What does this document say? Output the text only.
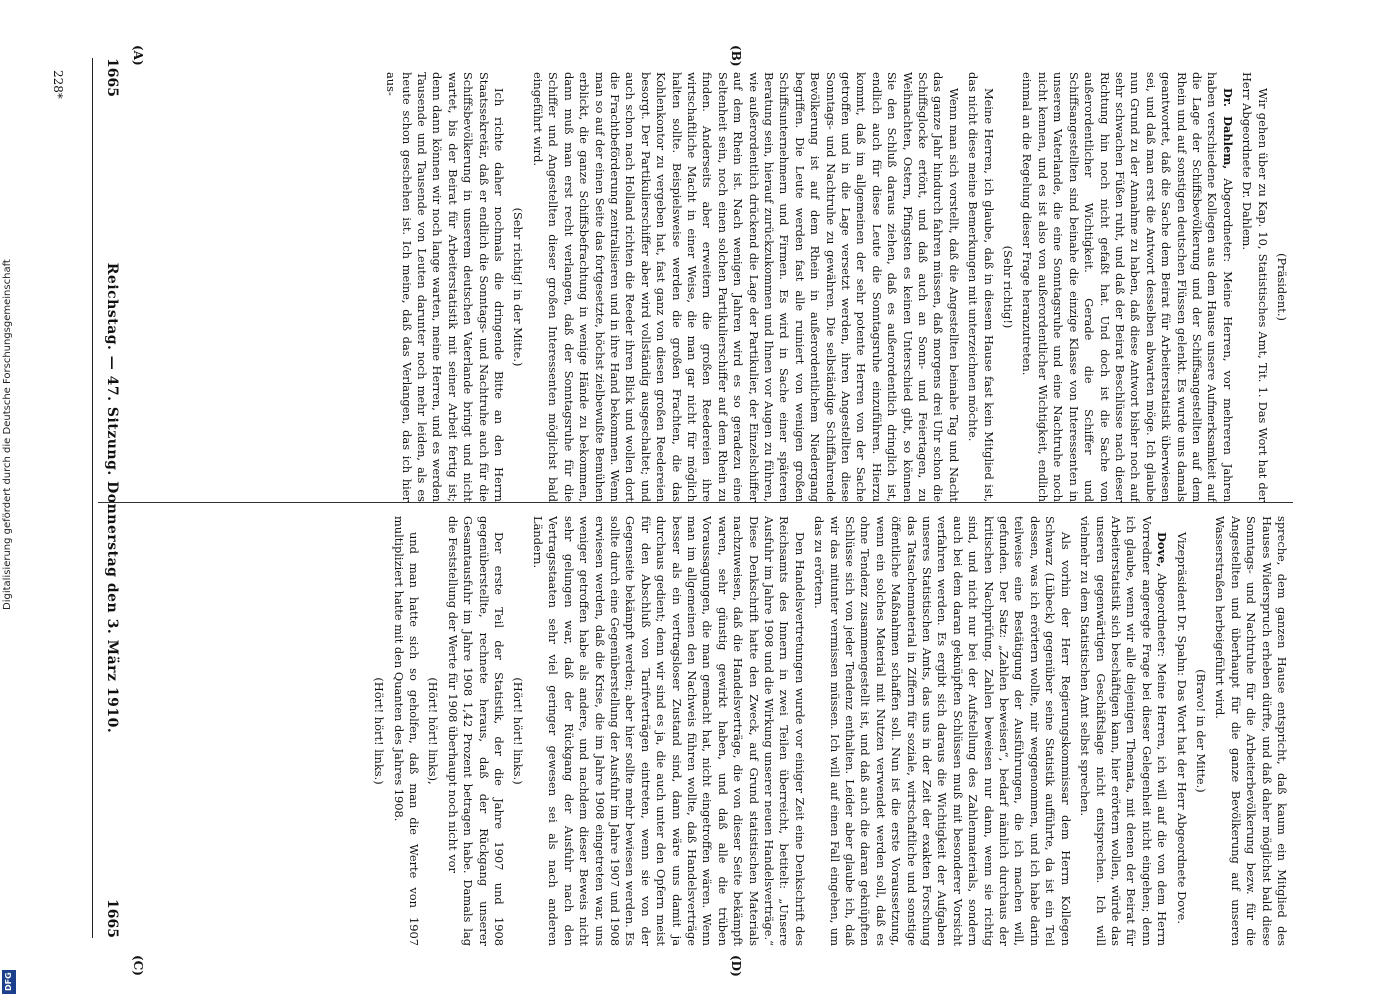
1665
Reichstag. — 47. Sitzung. Donnerstag den 3. März 1910.
1665
(A)	(B)
(C)	(D)

(Präsident.)

Wir gehen über zu Kap. 10, Statistisches Amt, Tit. 1. Das Wort hat der Herr Abgeordnete Dr. Dahlem.

Dr. Dahlem, Abgeordneter: Meine Herren, vor mehreren Jahren haben verschiedene Kollegen aus dem Hause unsere Aufmerksamkeit auf die Lage der Schiffsbevölkerung und der Schiffsangestellten auf dem Rhein und auf sonstigen deutschen Flüssen gelenkt. Es wurde uns damals geantwortet, daß die Sache dem Beirat für Arbeiterstatistik überwiesen sei, und daß man erst die Antwort desselben abwarten möge. Ich glaube nun Grund zu der Annahme zu haben, daß diese Antwort bisher noch auf sehr schwachen Füßen ruht, und daß der Beirat Beschlüsse nach dieser Richtung hin noch nicht gefaßt hat. Und doch ist die Sache von außerordentlicher Wichtigkeit. Gerade die Schiffer und Schiffsangestellten sind beinahe die einzige Klasse von Interessenten in unserem Vaterlande, die eine Sonntagsruhe und eine Nachtruhe noch nicht kennen, und es ist also von außerordentlicher Wichtigkeit, endlich einmal an die Regelung dieser Frage heranzutreten.

(Sehr richtig!)

Meine Herren, ich glaube, daß in diesem Hause fast kein Mitglied ist, das nicht diese meine Bemerkungen mit unterzeichnen möchte.

Wenn man sich vorstellt, daß die Angestellten beinahe Tag und Nacht das ganze Jahr hindurch fahren müssen, daß morgens drei Uhr schon die Schiffsglocke ertönt, und daß auch an Sonn- und Feiertagen, zu Weihnachten, Ostern, Pfingsten es keinen Unterschied gibt, so können Sie den Schluß daraus ziehen, daß es außerordentlich dringlich ist, endlich auch für diese Leute die Sonntagsruhe einzuführen. Hierzu kommt, daß im allgemeinen der sehr potente Herren von der Sache getroffen und in die Lage versetzt werden, ihren Angestellten diese Sonntags- und Nachtruhe zu gewähren. Die selbständige Schiffahrende Bevölkerung ist auf dem Rhein in außerordentlichem Niedergang begriffen. Die Leute werden fast alle ruiniert von wenigen großen Schiffsunternehmern und Firmen. Es wird in Sache einer späteren Beratung sein, hierauf zurückzukommen und Ihnen vor Augen zu führen, wie außerordentlich drückend die Lage der Partikulier, der Einzelschiffer auf dem Rhein ist. Nach wenigen Jahren wird es so geradezu eine Seltenheit sein, noch einen solchen Partikulierschiffer auf dem Rhein zu finden. Anderseits aber erweitern die großen Reedereien ihre wirtschaftliche Macht in einer Weise, die man gar nicht für möglich halten sollte. Beispielsweise werden die großen Frachten, die das Kohlenkontor zu vergeben hat, fast ganz von diesen großen Reedereien besorgt. Der Partikulierschiffer aber wird vollständig ausgeschaltet; und auch schon nach Holland richten die Reeder ihren Blick und wollen dort die Frachtbeförderung zentralisieren und in ihre Hand bekommen. Wenn man so auf der einen Seite das fortgesetzte, höchst zielbewußte Bemühen erblickt, die ganze Schiffsbefrachtung in wenige Hände zu bekommen, dann muß man erst recht verlangen, daß der Sonntagsruhe für die Schiffer und Angestellten dieser großen Interessenten möglichst bald eingeführt wird.

(Sehr richtig! in der Mitte.)

Ich richte daher nochmals die dringende Bitte an den Herrn Staatssekretär, daß er endlich die Sonntags- und Nachtruhe auch für die Schiffsbevölkerung in unserem deutschen Vaterlande bringt und nicht wartet, bis der Beirat für Arbeiterstatistik mit seiner Arbeit fertig ist; denn dann können wir noch lange warten, meine Herren, und es werden Tausende und Tausende von Leuten darunter noch mehr leiden, als es heute schon geschehen ist. Ich meine, daß das Verlangen, das ich hier aus-

spreche, dem ganzen Hause entspricht, daß kaum ein Mitglied des Hauses Widerspruch erheben dürfte, und daß daher möglichst bald diese Sonntags- und Nachtruhe für die Arbeiterbevölkerung bezw. für die Angestellten und überhaupt für die ganze Bevölkerung auf unseren Wasserstraßen herbeigeführt wird.

(Bravo! in der Mitte.)

Vizepräsident Dr. Spahn: Das Wort hat der Herr Abgeordnete Dove.

Dove, Abgeordneter: Meine Herren, ich will auf die von dem Herrn Vorredner angeregte Frage bei dieser Gelegenheit nicht eingehen; denn ich glaube, wenn wir alle diejenigen Themata, mit denen der Beirat für Arbeiterstatistik sich beschäftigen kann, hier erörtern wollen, würde das unseren gegenwärtigen Geschäftslage nicht entsprechen. Ich will vielmehr zu dem Statistischen Amt selbst sprechen.

Als vorhin der Herr Regierungskommissar dem Herrn Kollegen Schwarz (Lübeck) gegenüber seine Statistik aufführte, da ist ein Teil dessen, was ich erörtern wollte, mir weggenommen, und ich habe darin teilweise eine Bestätigung der Ausführungen, die ich machen will, gefunden. Der Satz: „Zahlen beweisen“, bedarf nämlich durchaus der kritischen Nachprüfung. Zahlen beweisen nur dann, wenn sie richtig sind, und nicht nur bei der Aufstellung des Zahlenmaterials, sondern auch bei dem daran geknüpften Schlüssen muß mit besonderer Vorsicht verfahren werden. Es ergibt sich daraus die Wichtigkeit der Aufgaben unseres Statistischen Amts, das uns in der Zeit der exakten Forschung das Tatsachenmaterial in Ziffern für soziale, wirtschaftliche und sonstige öffentliche Maßnahmen schaffen soll. Nun ist die erste Voraussetzung, wenn ein solches Material mit Nutzen verwendet werden soll, daß es ohne Tendenz zusammengestellt ist, und daß auch die daran geknüpften Schlüsse sich von jeder Tendenz enthalten. Leider aber glaube ich, daß wir das mitunter vermissen müssen. Ich will auf einen Fall eingehen, um das zu erörtern.

Den Handelsvertretungen wurde vor einiger Zeit eine Denkschrift des Reichsamts des Innern in zwei Teilen überreicht, betitelt: „Unsere Ausfuhr im Jahre 1908 und die Wirkung unserer neuen Handelsverträge.“ Diese Denkschrift hatte den Zweck, auf Grund statistischen Materials nachzuweisen, daß die Handelsverträge, die von dieser Seite bekämpft waren, sehr günstig gewirkt haben, und daß alle die trüben Voraussagungen, die man gemacht hat, nicht eingetroffen wären. Wenn man im allgemeinen den Nachweis führen wollte, daß Handelsverträge besser als ein vertragsloser Zustand sind, dann wäre uns damit ja durchaus gedient; denn wir sind es ja, die auch unter den Opfern meist für den Abschluß von Tarifverträgen eintreten, wenn sie von der Gegenseite bekämpft werden; aber hier sollte mehr bewiesen werden. Es sollte durch eine Gegenüberstellung der Ausfuhr im Jahre 1907 und 1908 erwiesen werden, daß die Krise, die im Jahre 1908 eingetreten war, uns weniger getroffen habe als andere, und nachdem dieser Beweis nicht sehr gelungen war, daß der Rückgang der Ausfuhr nach den Vertragsstaaten sehr viel geringer gewesen sei als nach anderen Ländern.

(Hört! hört! links.)

Der erste Teil der Statistik, der die Jahre 1907 und 1908 gegenüberstellte, rechnete heraus, daß der Rückgang unserer Gesamtausfuhr im Jahre 1908 1,42 Prozent betragen habe. Damals lag die Feststellung der Werte für 1908 überhaupt noch nicht vor

(Hört! hört! links),

und man hatte sich so geholfen, daß man die Werte von 1907 multipliziert hatte mit den Quanten des Jahres 1908.

(Hört! hört! links.)

228*
Digitalisierung gefördert durch die Deutsche Forschungsgemeinschaft
DFG
